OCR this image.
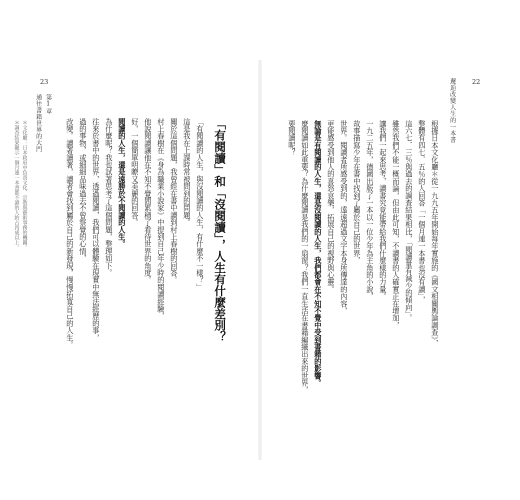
23
第1章
通往書籍世界的大門	「有閱讀」和「沒閱讀」，人生有什麼差別？
「有閱讀的人生，與沒閱讀的人生，有什麼不一樣？」
這是我在上課時常被問到的問題。
關於這個問題，我曾經在書中讀到村上春樹的回答。
村上春樹在《身為職業小說家》中提到自己年少時的閱讀經驗，
他說閱讀讓他在不知不覺間累積了看待世界的角度。
好，一個簡單明瞭又美麗的回答。
閱讀的人生，還是遠勝於不閱讀的人生。
為什麼呢？我也試著思考了這個問題，整理如下。
往來於書中的世界，透過閱讀，我們可以體驗在現實中無法經歷的事，
過的事物，或細細品味過去不曾察覺的心情，
改變。讀著讀著，讀者會找到屬於自己的新發現，慢慢拓寬自己的人生。
＊文化廳：日本政府中負責文化、宗教與藝術事務的機關。
＊調查結果顯示一個月連一本書都不讀的人約占四成以上。
22
邂逅改變人生的一本書
根據日本文化廳＊從一九九五年開始每年實施的《國文相關輿論調查》，
整體有四七．五％的人回答「一個月連一本書也沒有讀」，
這六七．三％與過去的調查結果相比，「閱讀量有減少的傾向」。
雖然我們不能一概而論，但由此可知，不讀書的人確實正在增加，
讓我們一起來思考，讀書究竟能帶給我們什麼樣的力量。
一九二五年，德國出版了一本以一位少年為主角的小說，
故事描寫少年在書中找到了屬於自己的世界，
世界。閱讀者所感受到的，遠遠超過文字本身所傳達的內容，
更能感受到他人的喜怒哀樂，拓展自己的視野與心靈。
無論是有閱讀的人生，還是沒閱讀的人生，我們都會在不知不覺中受到書籍的影響。
麼閱讀如此重要？為什麼閱讀是我們的一扇窗？我們一直生活在書籍編織出來的世界，
要閱讀呢？
